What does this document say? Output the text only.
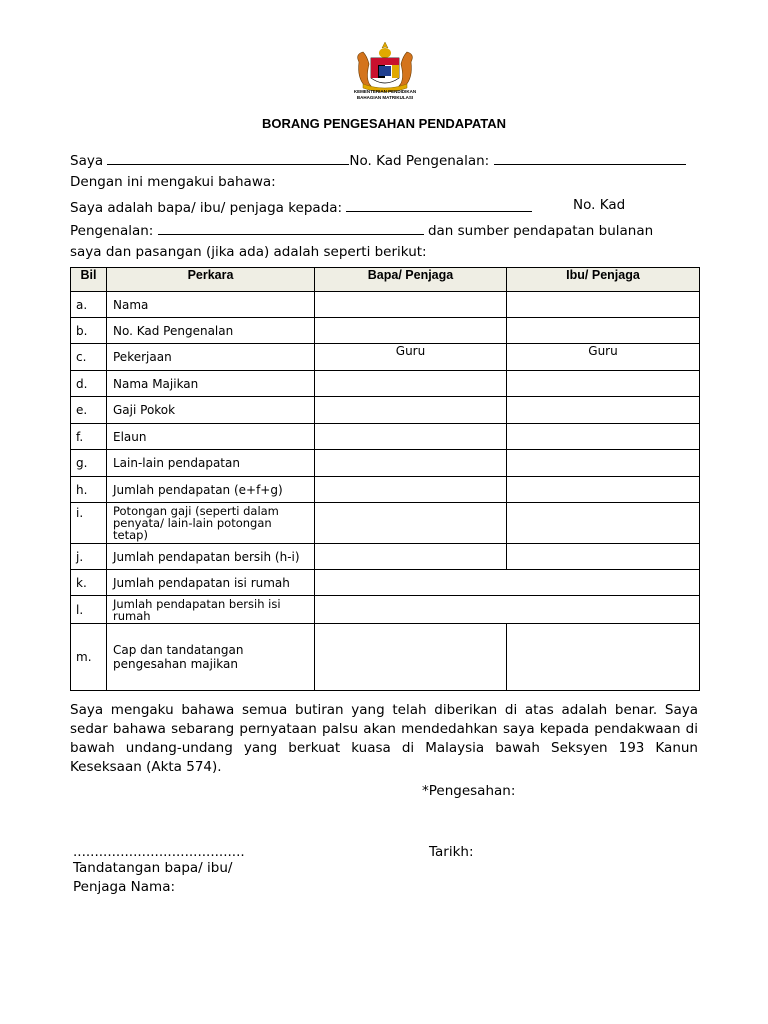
KEMENTERIAN PENDIDIKAN
BAHAGIAN MATRIKULASI
BORANG PENGESAHAN PENDAPATAN
Saya	No. Kad Pengenalan:
Dengan ini mengakui bahawa:
Saya adalah bapa/ ibu/ penjaga kepada:	No. Kad
Pengenalan:	dan sumber pendapatan bulanan
saya dan pasangan (jika ada) adalah seperti berikut:
Bil	Perkara	Bapa/ Penjaga	Ibu/ Penjaga
a.	Nama		
b.	No. Kad Pengenalan		
c.	Pekerjaan	Guru	Guru
d.	Nama Majikan		
e.	Gaji Pokok		
f.	Elaun		
g.	Lain-lain pendapatan		
h.	Jumlah pendapatan (e+f+g)		
i.	Potongan gaji (seperti dalam penyata/ lain-lain potongan tetap)		
j.	Jumlah pendapatan bersih (h-i)		
k.	Jumlah pendapatan isi rumah		
l.	Jumlah pendapatan bersih isi rumah		
m.	Cap dan tandatangan pengesahan majikan		
Saya mengaku bahawa semua butiran yang telah diberikan di atas adalah benar. Saya sedar bahawa sebarang pernyataan palsu akan mendedahkan saya kepada pendakwaan di bawah undang-undang yang berkuat kuasa di Malaysia bawah Seksyen 193 Kanun Keseksaan (Akta 574).
*Pengesahan:
........................................	Tarikh:
Tandatangan bapa/ ibu/
Penjaga Nama:
